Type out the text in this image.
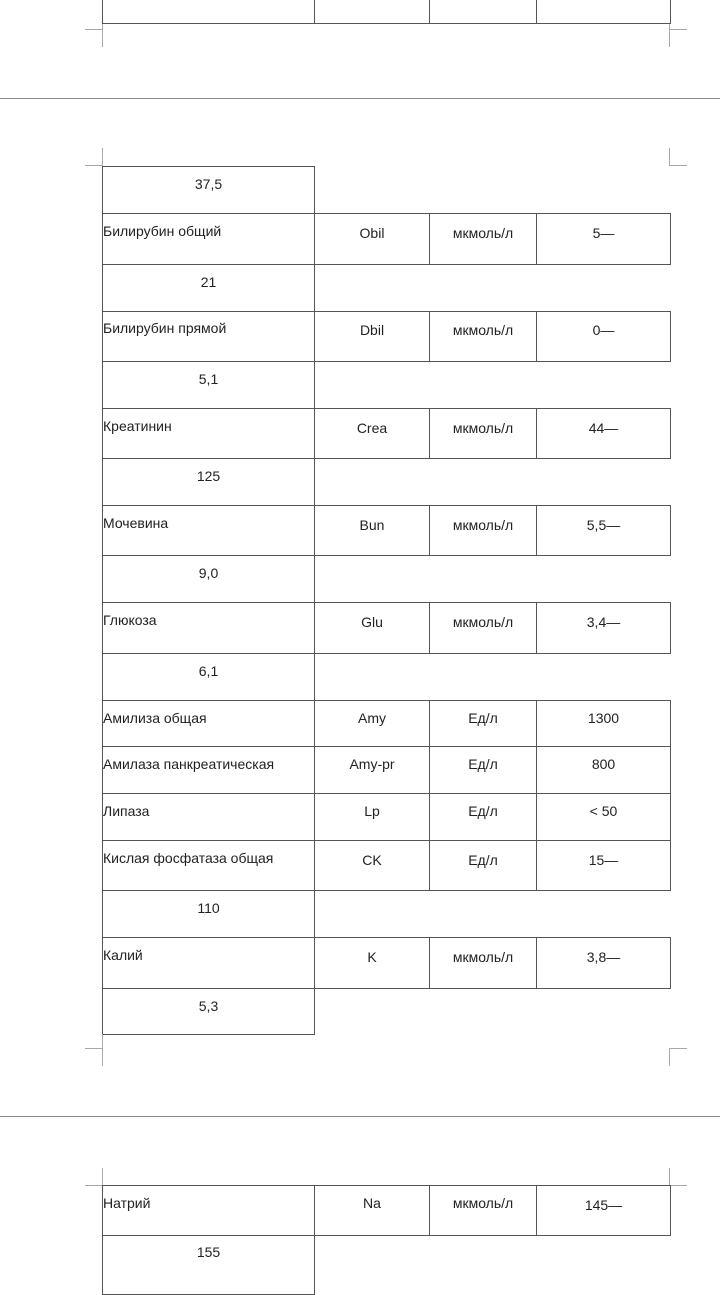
37,5
Билирубин общий	Obil	мкмоль/л	5—
21
Билирубин прямой	Dbil	мкмоль/л	0—
5,1
Креатинин	Crea	мкмоль/л	44—
125
Мочевина	Bun	мкмоль/л	5,5—
9,0
Глюкоза	Glu	мкмоль/л	3,4—
6,1
Амилиза общая	Amy	Ед/л	1300
Амилаза панкреатическая	Amy-pr	Ед/л	800
Липаза	Lp	Ед/л	< 50
Кислая фосфатаза общая	CK	Ед/л	15—
110
Калий	K	мкмоль/л	3,8—
5,3
Натрий	Na	мкмоль/л	145—
155
